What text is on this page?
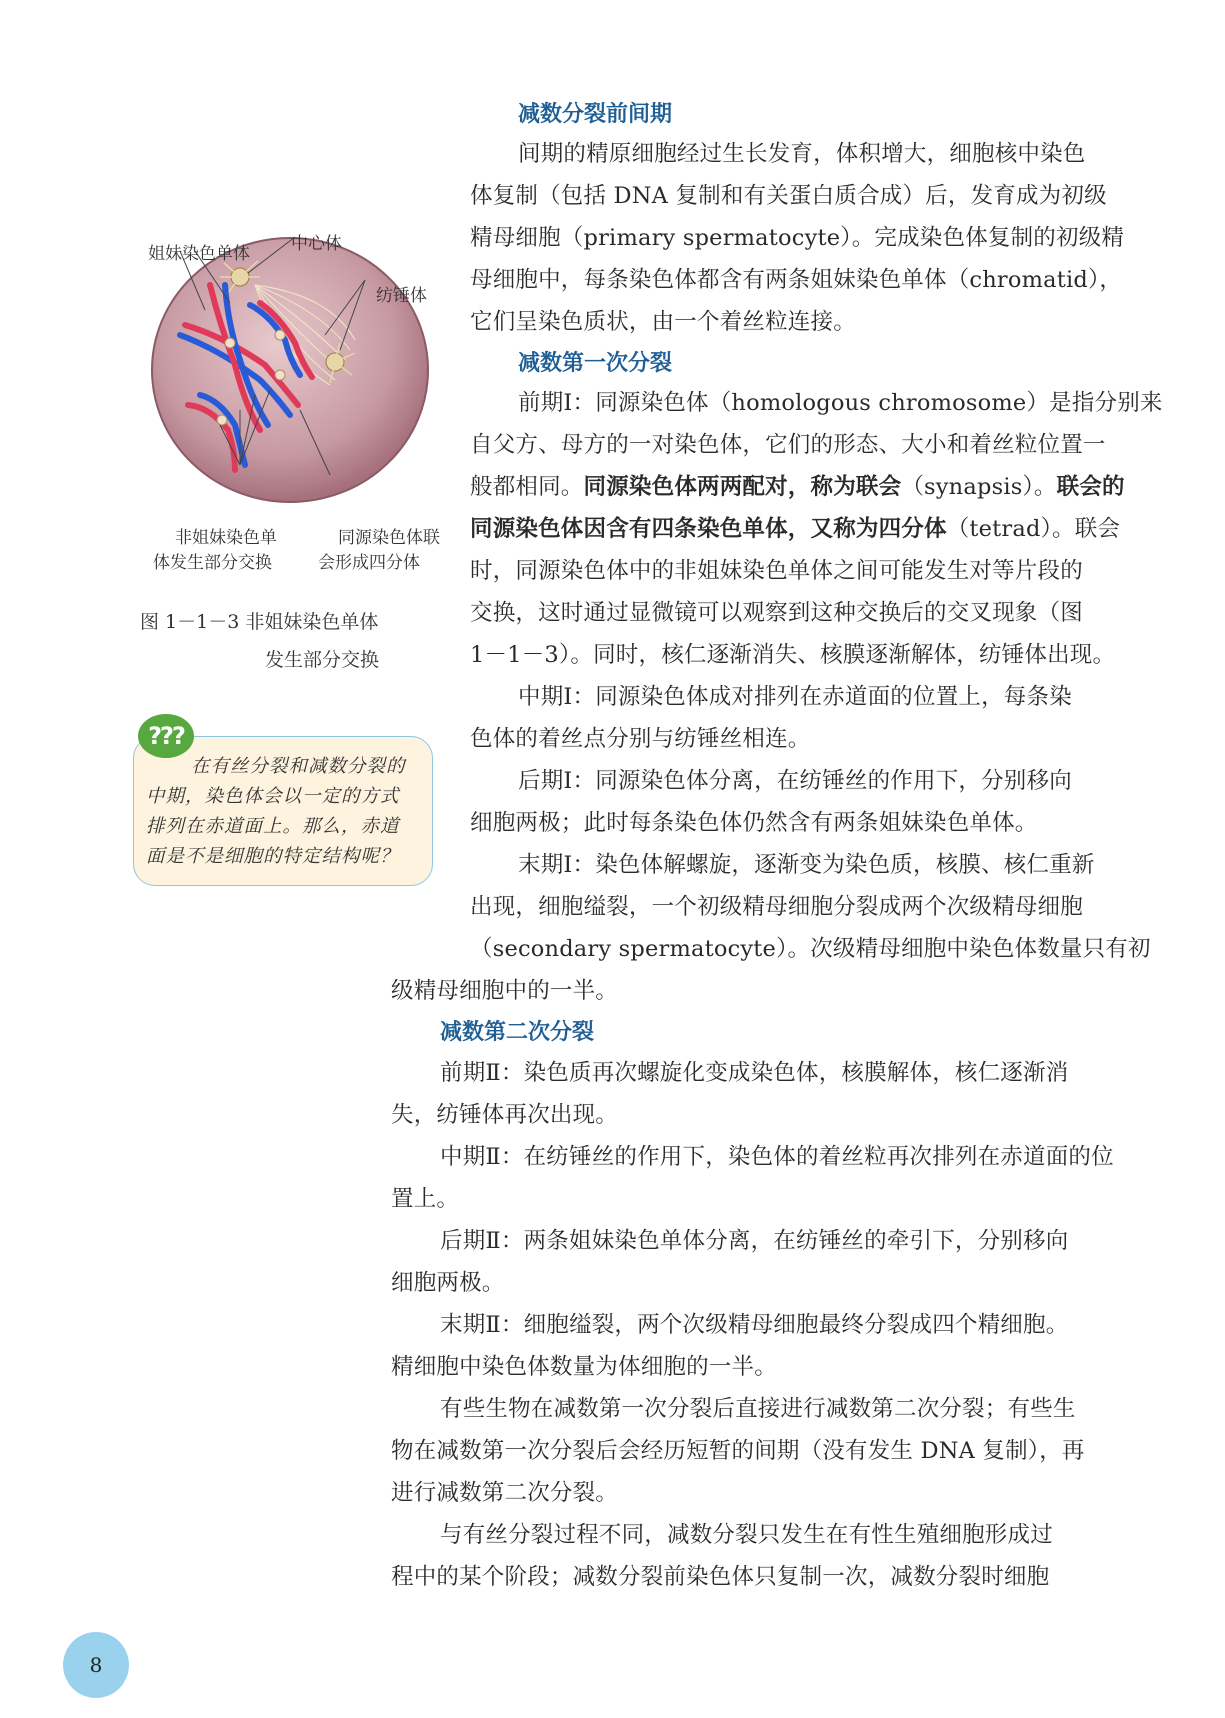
姐妹染色单体 中心体
纺锤体
非姐妹染色单
体发生部分交换
同源染色体联
会形成四分体
图 1－1－3 非姐妹染色单体
发生部分交换
???
在有丝分裂和减数分裂的
中期，染色体会以一定的方式
排列在赤道面上。那么，赤道
面是不是细胞的特定结构呢？
减数分裂前间期
间期的精原细胞经过生长发育，体积增大，细胞核中染色
体复制（包括 DNA 复制和有关蛋白质合成）后，发育成为初级
精母细胞（primary spermatocyte）。完成染色体复制的初级精
母细胞中，每条染色体都含有两条姐妹染色单体（chromatid），
它们呈染色质状，由一个着丝粒连接。
减数第一次分裂
前期Ⅰ：同源染色体（homologous chromosome）是指分别来
自父方、母方的一对染色体，它们的形态、大小和着丝粒位置一
般都相同。同源染色体两两配对，称为联会（synapsis）。联会的
同源染色体因含有四条染色单体，又称为四分体（tetrad）。联会
时，同源染色体中的非姐妹染色单体之间可能发生对等片段的
交换，这时通过显微镜可以观察到这种交换后的交叉现象（图
1－1－3）。同时，核仁逐渐消失、核膜逐渐解体，纺锤体出现。
中期Ⅰ：同源染色体成对排列在赤道面的位置上，每条染
色体的着丝点分别与纺锤丝相连。
后期Ⅰ：同源染色体分离，在纺锤丝的作用下，分别移向
细胞两极；此时每条染色体仍然含有两条姐妹染色单体。
末期Ⅰ：染色体解螺旋，逐渐变为染色质，核膜、核仁重新
出现，细胞缢裂，一个初级精母细胞分裂成两个次级精母细胞
（secondary spermatocyte）。次级精母细胞中染色体数量只有初
级精母细胞中的一半。
减数第二次分裂
前期Ⅱ：染色质再次螺旋化变成染色体，核膜解体，核仁逐渐消
失，纺锤体再次出现。
中期Ⅱ：在纺锤丝的作用下，染色体的着丝粒再次排列在赤道面的位
置上。
后期Ⅱ：两条姐妹染色单体分离，在纺锤丝的牵引下，分别移向
细胞两极。
末期Ⅱ：细胞缢裂，两个次级精母细胞最终分裂成四个精细胞。
精细胞中染色体数量为体细胞的一半。
有些生物在减数第一次分裂后直接进行减数第二次分裂；有些生
物在减数第一次分裂后会经历短暂的间期（没有发生 DNA 复制），再
进行减数第二次分裂。
与有丝分裂过程不同，减数分裂只发生在有性生殖细胞形成过
程中的某个阶段；减数分裂前染色体只复制一次，减数分裂时细胞
8
